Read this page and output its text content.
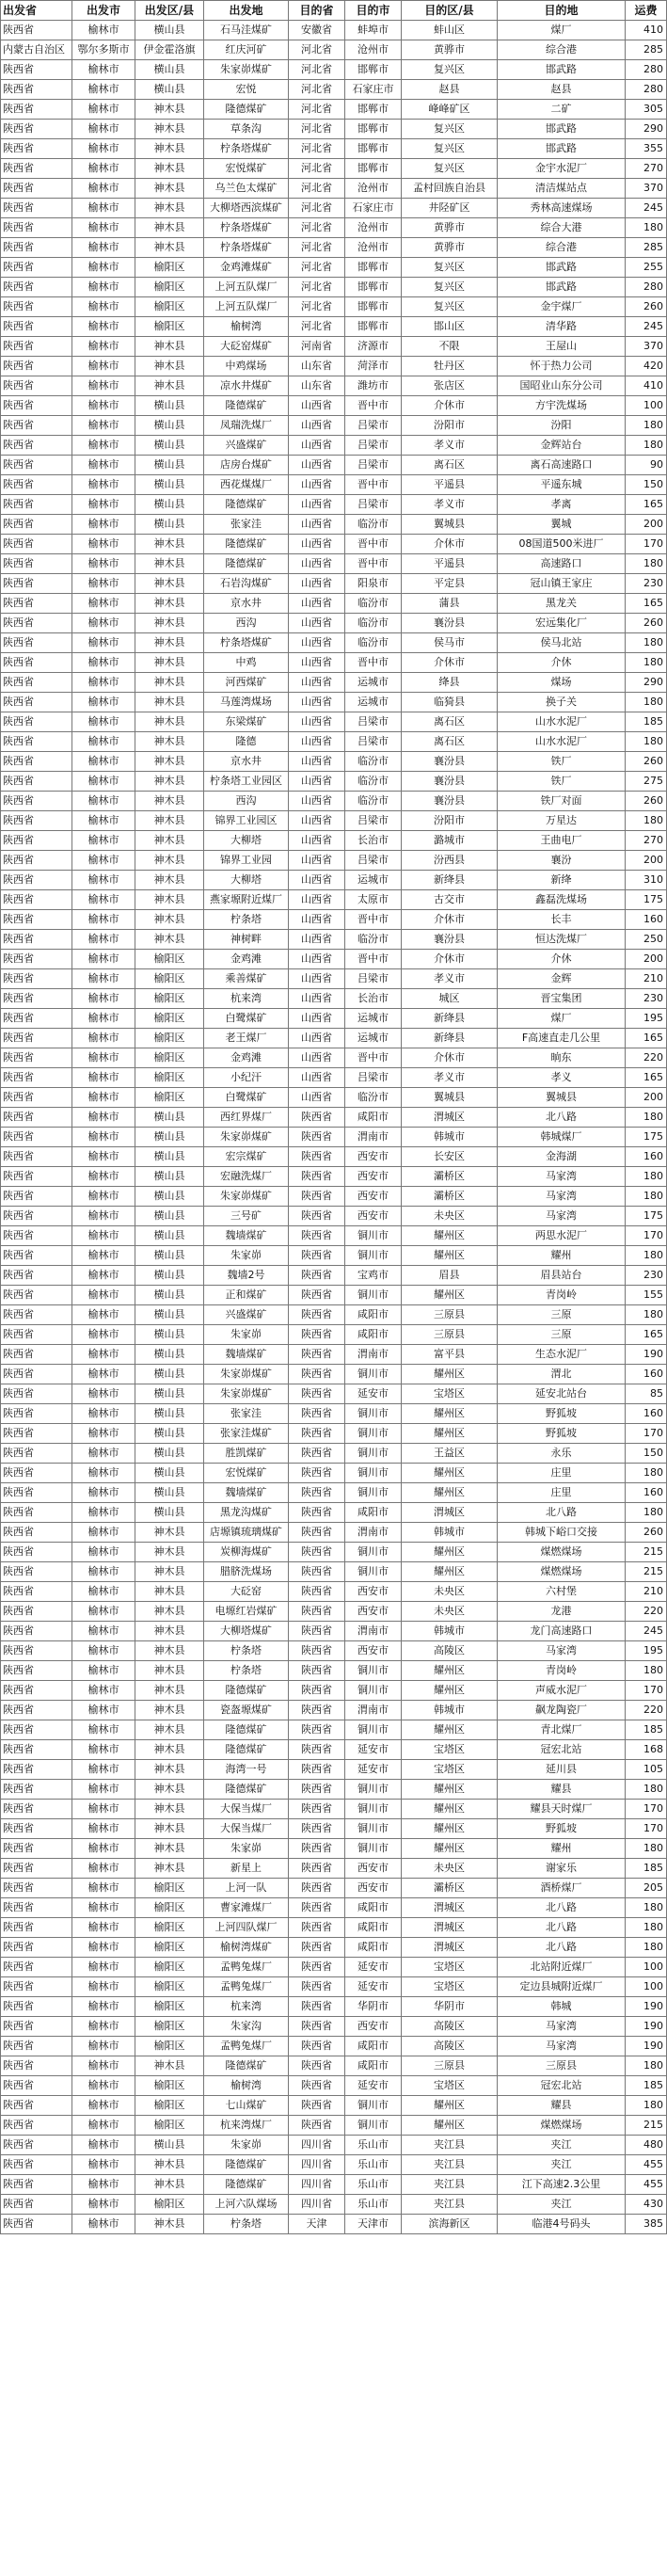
出发省	出发市	出发区/县	出发地	目的省	目的市	目的区/县	目的地	运费
陕西省	榆林市	横山县	石马洼煤矿	安徽省	蚌埠市	蚌山区	煤厂	410
内蒙古自治区	鄂尔多斯市	伊金霍洛旗	红庆河矿	河北省	沧州市	黄骅市	综合港	285
陕西省	榆林市	横山县	朱家峁煤矿	河北省	邯郸市	复兴区	邯武路	280
陕西省	榆林市	横山县	宏悦	河北省	石家庄市	赵县	赵县	280
陕西省	榆林市	神木县	隆德煤矿	河北省	邯郸市	峰峰矿区	二矿	305
陕西省	榆林市	神木县	草条沟	河北省	邯郸市	复兴区	邯武路	290
陕西省	榆林市	神木县	柠条塔煤矿	河北省	邯郸市	复兴区	邯武路	355
陕西省	榆林市	神木县	宏悦煤矿	河北省	邯郸市	复兴区	金宇水泥厂	270
陕西省	榆林市	神木县	乌兰色太煤矿	河北省	沧州市	孟村回族自治县	清洁煤站点	370
陕西省	榆林市	神木县	大柳塔西滨煤矿	河北省	石家庄市	井陉矿区	秀林高速煤场	245
陕西省	榆林市	神木县	柠条塔煤矿	河北省	沧州市	黄骅市	综合大港	180
陕西省	榆林市	神木县	柠条塔煤矿	河北省	沧州市	黄骅市	综合港	285
陕西省	榆林市	榆阳区	金鸡滩煤矿	河北省	邯郸市	复兴区	邯武路	255
陕西省	榆林市	榆阳区	上河五队煤厂	河北省	邯郸市	复兴区	邯武路	280
陕西省	榆林市	榆阳区	上河五队煤厂	河北省	邯郸市	复兴区	金宇煤厂	260
陕西省	榆林市	榆阳区	榆树湾	河北省	邯郸市	邯山区	清华路	245
陕西省	榆林市	神木县	大砭窑煤矿	河南省	济源市	不限	王屋山	370
陕西省	榆林市	神木县	中鸡煤场	山东省	菏泽市	牡丹区	怀于热力公司	420
陕西省	榆林市	神木县	凉水井煤矿	山东省	潍坊市	张店区	国昭业山东分公司	410
陕西省	榆林市	横山县	隆德煤矿	山西省	晋中市	介休市	方宇洗煤场	100
陕西省	榆林市	横山县	凤瑞洗煤厂	山西省	吕梁市	汾阳市	汾阳	180
陕西省	榆林市	横山县	兴盛煤矿	山西省	吕梁市	孝义市	金辉站台	180
陕西省	榆林市	横山县	店房台煤矿	山西省	吕梁市	离石区	离石高速路口	90
陕西省	榆林市	横山县	西花煤煤厂	山西省	晋中市	平遥县	平遥东城	150
陕西省	榆林市	横山县	隆德煤矿	山西省	吕梁市	孝义市	孝离	165
陕西省	榆林市	横山县	张家洼	山西省	临汾市	翼城县	翼城	200
陕西省	榆林市	神木县	隆德煤矿	山西省	晋中市	介休市	08国道500米进厂	170
陕西省	榆林市	神木县	隆德煤矿	山西省	晋中市	平遥县	高速路口	180
陕西省	榆林市	神木县	石岩沟煤矿	山西省	阳泉市	平定县	冠山镇王家庄	230
陕西省	榆林市	神木县	京水井	山西省	临汾市	蒲县	黑龙关	165
陕西省	榆林市	神木县	西沟	山西省	临汾市	襄汾县	宏远集化厂	260
陕西省	榆林市	神木县	柠条塔煤矿	山西省	临汾市	侯马市	侯马北站	180
陕西省	榆林市	神木县	中鸡	山西省	晋中市	介休市	介休	180
陕西省	榆林市	神木县	河西煤矿	山西省	运城市	绛县	煤场	290
陕西省	榆林市	神木县	马莲湾煤场	山西省	运城市	临猗县	换子关	180
陕西省	榆林市	神木县	东梁煤矿	山西省	吕梁市	离石区	山水水泥厂	185
陕西省	榆林市	神木县	隆德	山西省	吕梁市	离石区	山水水泥厂	180
陕西省	榆林市	神木县	京水井	山西省	临汾市	襄汾县	铁厂	260
陕西省	榆林市	神木县	柠条塔工业园区	山西省	临汾市	襄汾县	铁厂	275
陕西省	榆林市	神木县	西沟	山西省	临汾市	襄汾县	铁厂对面	260
陕西省	榆林市	神木县	锦界工业园区	山西省	吕梁市	汾阳市	万星达	180
陕西省	榆林市	神木县	大柳塔	山西省	长治市	潞城市	王曲电厂	270
陕西省	榆林市	神木县	锦界工业园	山西省	吕梁市	汾西县	襄汾	200
陕西省	榆林市	神木县	大柳塔	山西省	运城市	新绛县	新绛	310
陕西省	榆林市	神木县	燕家塬附近煤厂	山西省	太原市	古交市	鑫磊洗煤场	175
陕西省	榆林市	神木县	柠条塔	山西省	晋中市	介休市	长丰	160
陕西省	榆林市	神木县	神树畔	山西省	临汾市	襄汾县	恒达洗煤厂	250
陕西省	榆林市	榆阳区	金鸡滩	山西省	晋中市	介休市	介休	200
陕西省	榆林市	榆阳区	乘善煤矿	山西省	吕梁市	孝义市	金辉	210
陕西省	榆林市	榆阳区	杭来湾	山西省	长治市	城区	晋宝集团	230
陕西省	榆林市	榆阳区	白鹭煤矿	山西省	运城市	新绛县	煤厂	195
陕西省	榆林市	榆阳区	老王煤厂	山西省	运城市	新绛县	F高速直走几公里	165
陕西省	榆林市	榆阳区	金鸡滩	山西省	晋中市	介休市	晌东	220
陕西省	榆林市	榆阳区	小纪汗	山西省	吕梁市	孝义市	孝义	165
陕西省	榆林市	榆阳区	白鹭煤矿	山西省	临汾市	翼城县	翼城县	200
陕西省	榆林市	横山县	西红界煤厂	陕西省	咸阳市	渭城区	北八路	180
陕西省	榆林市	横山县	朱家峁煤矿	陕西省	渭南市	韩城市	韩城煤厂	175
陕西省	榆林市	横山县	宏宗煤矿	陕西省	西安市	长安区	金海湖	160
陕西省	榆林市	横山县	宏融洗煤厂	陕西省	西安市	灞桥区	马家湾	180
陕西省	榆林市	横山县	朱家峁煤矿	陕西省	西安市	灞桥区	马家湾	180
陕西省	榆林市	横山县	三号矿	陕西省	西安市	未央区	马家湾	175
陕西省	榆林市	横山县	魏墙煤矿	陕西省	铜川市	耀州区	两思水泥厂	170
陕西省	榆林市	横山县	朱家峁	陕西省	铜川市	耀州区	耀州	180
陕西省	榆林市	横山县	魏墙2号	陕西省	宝鸡市	眉县	眉县站台	230
陕西省	榆林市	横山县	正和煤矿	陕西省	铜川市	耀州区	青岗岭	155
陕西省	榆林市	横山县	兴盛煤矿	陕西省	咸阳市	三原县	三原	180
陕西省	榆林市	横山县	朱家峁	陕西省	咸阳市	三原县	三原	165
陕西省	榆林市	横山县	魏墙煤矿	陕西省	渭南市	富平县	生态水泥厂	190
陕西省	榆林市	横山县	朱家峁煤矿	陕西省	铜川市	耀州区	渭北	160
陕西省	榆林市	横山县	朱家峁煤矿	陕西省	延安市	宝塔区	延安北站台	85
陕西省	榆林市	横山县	张家洼	陕西省	铜川市	耀州区	野狐坡	160
陕西省	榆林市	横山县	张家洼煤矿	陕西省	铜川市	耀州区	野狐坡	170
陕西省	榆林市	横山县	胜凯煤矿	陕西省	铜川市	王益区	永乐	150
陕西省	榆林市	横山县	宏悦煤矿	陕西省	铜川市	耀州区	庄里	180
陕西省	榆林市	横山县	魏墙煤矿	陕西省	铜川市	耀州区	庄里	160
陕西省	榆林市	横山县	黑龙沟煤矿	陕西省	咸阳市	渭城区	北八路	180
陕西省	榆林市	神木县	店塬镇琉璃煤矿	陕西省	渭南市	韩城市	韩城下峪口交接	260
陕西省	榆林市	神木县	炭柳海煤矿	陕西省	铜川市	耀州区	煤燃煤场	215
陕西省	榆林市	神木县	腊脐洗煤场	陕西省	铜川市	耀州区	煤燃煤场	215
陕西省	榆林市	神木县	大砭窑	陕西省	西安市	未央区	六村堡	210
陕西省	榆林市	神木县	电塬红岩煤矿	陕西省	西安市	未央区	龙港	220
陕西省	榆林市	神木县	大柳塔煤矿	陕西省	渭南市	韩城市	龙门高速路口	245
陕西省	榆林市	神木县	柠条塔	陕西省	西安市	高陵区	马家湾	195
陕西省	榆林市	神木县	柠条塔	陕西省	铜川市	耀州区	青岗岭	180
陕西省	榆林市	神木县	隆德煤矿	陕西省	铜川市	耀州区	声威水泥厂	170
陕西省	榆林市	神木县	瓷盔塬煤矿	陕西省	渭南市	韩城市	飙龙陶瓷厂	220
陕西省	榆林市	神木县	隆德煤矿	陕西省	铜川市	耀州区	青北煤厂	185
陕西省	榆林市	神木县	隆德煤矿	陕西省	延安市	宝塔区	冠宏北站	168
陕西省	榆林市	神木县	海湾一号	陕西省	延安市	宝塔区	延川县	105
陕西省	榆林市	神木县	隆德煤矿	陕西省	铜川市	耀州区	耀县	180
陕西省	榆林市	神木县	大保当煤厂	陕西省	铜川市	耀州区	耀县天时煤厂	170
陕西省	榆林市	神木县	大保当煤厂	陕西省	铜川市	耀州区	野狐坡	170
陕西省	榆林市	神木县	朱家峁	陕西省	铜川市	耀州区	耀州	180
陕西省	榆林市	神木县	新星上	陕西省	西安市	未央区	谢家乐	185
陕西省	榆林市	榆阳区	上河一队	陕西省	西安市	灞桥区	酒桥煤厂	205
陕西省	榆林市	榆阳区	曹家滩煤厂	陕西省	咸阳市	渭城区	北八路	180
陕西省	榆林市	榆阳区	上河四队煤厂	陕西省	咸阳市	渭城区	北八路	180
陕西省	榆林市	榆阳区	榆树湾煤矿	陕西省	咸阳市	渭城区	北八路	180
陕西省	榆林市	榆阳区	孟鸭兔煤厂	陕西省	延安市	宝塔区	北站附近煤厂	100
陕西省	榆林市	榆阳区	孟鸭兔煤厂	陕西省	延安市	宝塔区	定边县城附近煤厂	100
陕西省	榆林市	榆阳区	杭来湾	陕西省	华阴市	华阴市	韩城	190
陕西省	榆林市	榆阳区	朱家沟	陕西省	西安市	高陵区	马家湾	190
陕西省	榆林市	榆阳区	孟鸭兔煤厂	陕西省	咸阳市	高陵区	马家湾	190
陕西省	榆林市	神木县	隆德煤矿	陕西省	咸阳市	三原县	三原县	180
陕西省	榆林市	榆阳区	榆树湾	陕西省	延安市	宝塔区	冠宏北站	185
陕西省	榆林市	榆阳区	七山煤矿	陕西省	铜川市	耀州区	耀县	180
陕西省	榆林市	榆阳区	杭来湾煤厂	陕西省	铜川市	耀州区	煤燃煤场	215
陕西省	榆林市	横山县	朱家峁	四川省	乐山市	夹江县	夹江	480
陕西省	榆林市	神木县	隆德煤矿	四川省	乐山市	夹江县	夹江	455
陕西省	榆林市	神木县	隆德煤矿	四川省	乐山市	夹江县	江下高速2.3公里	455
陕西省	榆林市	榆阳区	上河六队煤场	四川省	乐山市	夹江县	夹江	430
陕西省	榆林市	神木县	柠条塔	天津	天津市	滨海新区	临港4号码头	385
